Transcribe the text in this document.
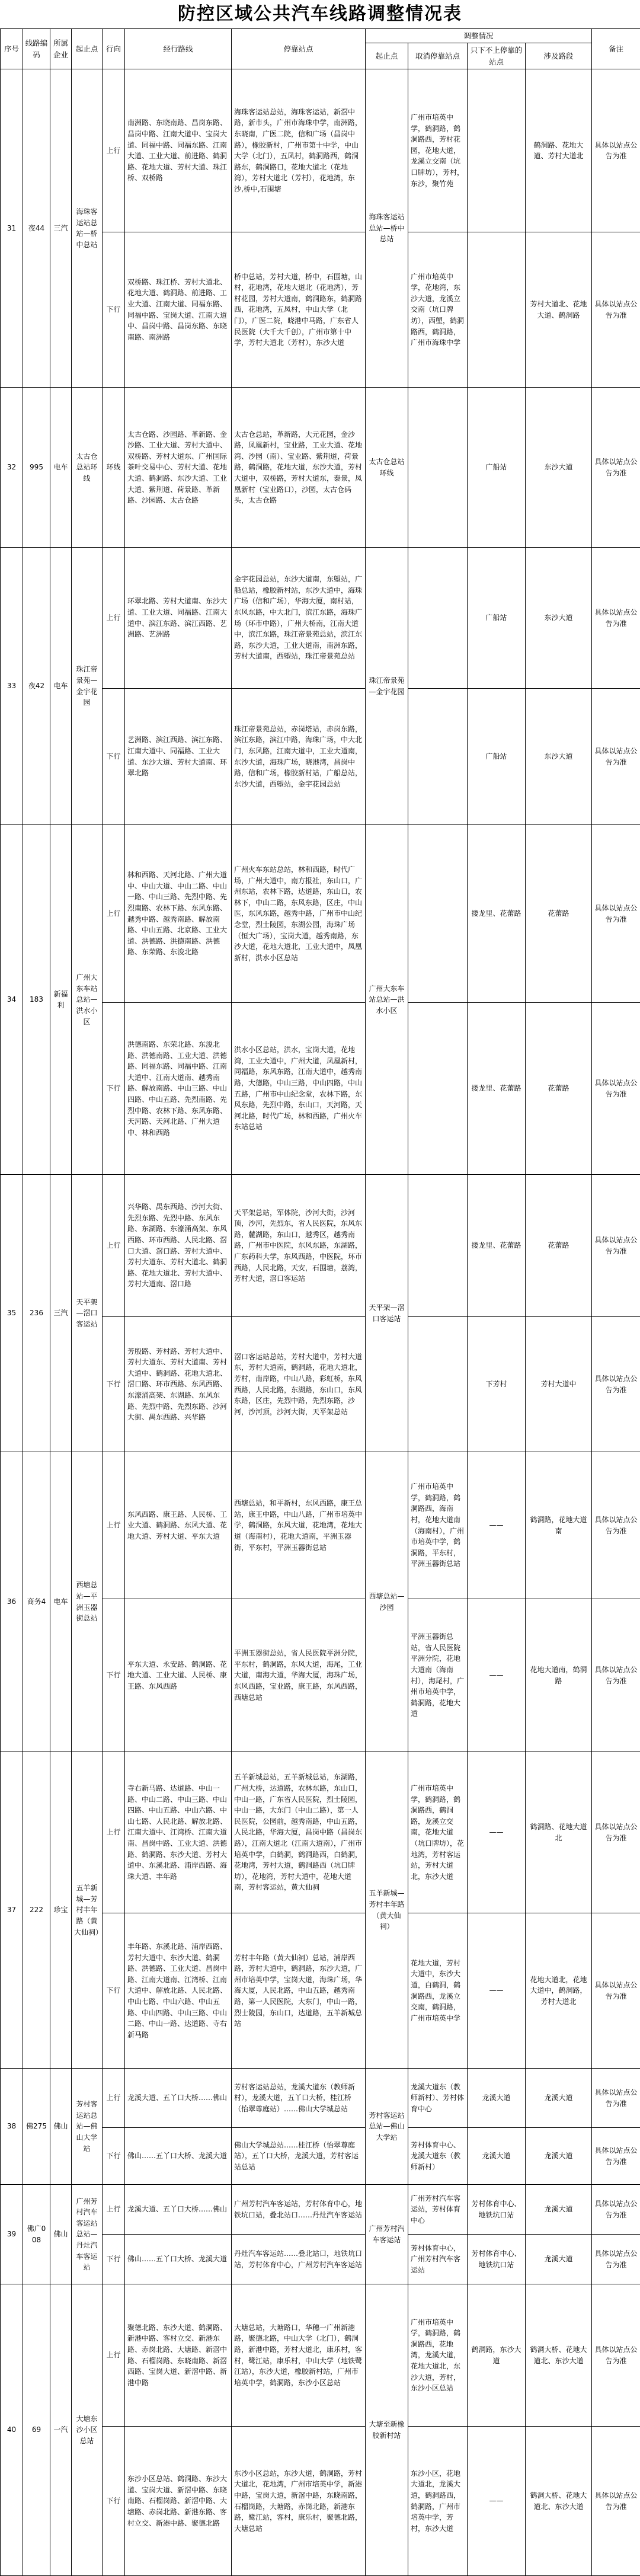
防控区域公共汽车线路调整情况表
序号	线路编码	所属企业	起止点	行向	经行路线	停靠站点	调整情况				备注
							起止点	取消停靠站点	只下不上停靠的站点	涉及路段	
31	夜44	三汽	海珠客运站总站—桥中总站	上行	南洲路、东晓南路、昌岗东路、昌岗中路、江南大道中、宝岗大道、同福中路、同福东路、江南大道、工业大道、前进路、鹤洞路、花地大道、芳村大道、珠江桥、双桥路	海珠客运站总站，海珠客运站，新滘中路，新市头，广州市海珠中学，南洲路，东晓南，广医二院，信和广场（昌岗中路），橡胶新村，广州市第十中学，中山大学（北门），五凤村，鹤洞路西，鹤洞路东，鹤洞路口，花地大道北（花地湾），芳村大道北（芳村），花地湾，东沙,桥中,石围塘	海珠客运站总站—桥中总站	广州市培英中学，鹤洞路，鹤洞路西，芳村花园，花地大道，龙溪立交南（坑口牌坊），芳村，东沙，聚竹苑		鹤洞路、花地大道、芳村大道北	具体以站点公告为准
				下行	双桥路、珠江桥、芳村大道北、花地大道、鹤洞路、前进路、工业大道、江南大道、同福东路、同福中路、宝岗大道、江南大道中、昌岗中路、昌岗东路、东晓南路、南洲路	桥中总站，芳村大道，桥中，石围塘，山村，花地湾，花地大道北（花地湾），芳村花园，芳村大道南，鹤洞路东，鹤洞路西，花地湾，五凤村，中山大学（北门），广医二院，晓港中马路，广东省人民医院（大千大千创），广州市第十中学，芳村大道北（芳村），东沙大道		广州市培英中学，花地湾，东沙大道，龙溪立交南（坑口牌坊），西塱，鹤洞路西，鹤洞路，广州市海珠中学		芳村大道北、花地大道、鹤洞路	具体以站点公告为准
32	995	电车	太古仓总站环线	环线	太古仓路、沙园路、革新路、金沙路、工业大道、芳村大道中、双桥路、芳村大道东、广州国际茶叶交易中心、芳村大道、花地大道、鹤洞路、东沙大道、工业大道、紫荆道、荷景路、革新路、沙园路、太古仓路	太古仓总站，革新路，大元花园，金沙路，凤凰新村，宝业路，工业大道、花地湾、沙园（南）、宝业路、紫荆道，荷景路，鹤洞路，花地大道，东沙大道，芳村大道中，双桥路，芳村大道东，泰景，凤凰新村（宝业路口），沙园，太古仓码头，太古仓路	太古仓总站环线		广船站	东沙大道	具体以站点公告为准
33	夜42	电车	珠江帝景苑—金宇花园	上行	环翠北路、芳村大道南、东沙大道、工业大道、同福路、江南大道中、滨江东路、滨江西路、艺洲路、艺洲路	金宇花园总站，东沙大道南，东塱站，广船总站，橡胶新村站，东沙大道中，海珠广场（信和广场），华海大厦，南村站，东风东路，中大北门，滨江东路，海珠广场（环市中路），广州大桥南，江南大道中，滨江东路，珠江帝景苑总站，滨江东路，东沙大道，工业大道南，南洲东路，芳村大道南，西塱站，珠江帝景苑总站	珠江帝景苑—金宇花园		广船站	东沙大道	具体以站点公告为准
				下行	艺洲路、滨江西路、滨江东路、江南大道中、同福路、工业大道、东沙大道、芳村大道南、环翠北路	珠江帝景苑总站，赤岗塔站，赤岗东路，滨江东路，滨江中路，海珠广场，中大北门，东风路，江南大道中，工业大道南，东沙大道，海珠广场，晓港湾，昌岗中路，信和广场，橡胶新村站，广船总站，东沙大道，西塱站，金宇花园总站			广船站	东沙大道	具体以站点公告为准
34	183	新福利	广州大东车站总站—洪水小区	上行	林和西路、天河北路、广州大道中、中山大道、中山二路、中山一路、中山三路、先烈中路、先烈南路、农林下路、东风东路、越秀中路、越秀南路、解放南路、中山五路、北京路、工业大道、洪德路、洪德南路、洪德路、东荣路、东浚北路	广州火车东站总站，林和西路，时代广场，广州大道中，南方报社，东山口，广州东站，农林下路，达道路，东山口，农林下，中山二路，东风东路，区庄，中山医，东风东路，越秀中路，广州市中山纪念堂，烈士陵园，东湖公园，海珠广场（恒大广场），宝岗大道，越秀南路，东沙大道，花地大道北，工业大道中，凤凰新村，洪水小区总站	广州大东车站总站—洪水小区		搂龙里、花蕾路	花蕾路	具体以站点公告为准
				下行	洪德南路、东荣北路、东浚北路、洪德南路、工业大道、洪德路、同福东路、同福中路、江南大道中、江南大道南、越秀南路、解放南路、中山三路、中山四路、中山五路、先烈南路、先烈中路、农林下路、东风东路、天河路、天河北路、广州大道中、林和西路	洪水小区总站，洪水，宝岗大道，花地湾，工业大道中，广州大道，凤凰新村，同福路，东风东路，江南大道中，越秀南路，大德路，中山三路，中山四路，中山五路，广州市中山纪念堂，农林下路，东风东路，先烈中路，东山口，天河路，天河北路，时代广场，林和西路，广州火车东站总站			搂龙里、花蕾路	花蕾路	具体以站点公告为准
35	236	三汽	天平架—滘口客运站	上行	兴华路、禺东西路、沙河大街、先烈东路、先烈中路、东风东路、东湖路、东濠涌高架、东风西路、环市西路、人民北路、滘口大道、滘口路、芳村大道中、芳村大道东、芳村大道北、鹤洞路、花地大道北、芳村大道中、芳村大道南、滘口路	天平架总站，军体院，沙河大街，沙河顶，沙河，先烈东，省人民医院，东风东路，麓湖路，东山口，越秀区，越秀南路，广州市中医院，东风东路，东湖路，广东药科大学，东风西路，中医院，环市西路，人民北路，天安，石围塘，荔湾，芳村大道，滘口客运站	天平架—滘口客运站		搂龙里、花蕾路	花蕾路	具体以站点公告为准
				下行	芳殷路、芳村路、芳村大道中、芳村大道东、芳村大道南、芳村大道中、鹤洞路、花地大道北、滘口路、环市西路、东风西路、东濠涌高架、东湖路、东风东路、先烈中路、先烈东路、沙河大街、禺东西路、兴华路	滘口客运站总站，芳村大道中，芳村大道东，芳村大道南，鹤洞路，花地大道北，芳村，南岸路，中山八路，彩虹桥，东风西路，人民北路，东湖路，东山口，东风东路，区庄，先烈中路，先烈东路，沙河，沙河顶，沙河大街，天平架总站			下芳村	芳村大道中	具体以站点公告为准
36	商务4	电车	西塘总站—平洲玉器街总站	上行	东风西路、康王路、人民桥、工业大道、鹤洞路、东风大道、花地大道、芳村大道、平东大道	西塘总站，和平新村，东风西路，康王总站，康王中路，中山八路，广州市培英中学，鹤洞路，东风大道，花地湾，花地大道（海南村），花地大道南，平洲玉器街，平东村，平洲玉器街总站	西塘总站—沙园	广州市培英中学，鹤洞路，鹤洞路西，海南村，花地大道南（海南村），广州市培英中学，鹤洞路，平东村，平洲玉器街总站	——	鹤洞路，花地大道南	具体以站点公告为准
				下行	平东大道、永安路、鹤洞路、花地大道、工业大道、人民桥、康王路、东风西路	平洲玉器街总站，省人民医院平洲分院，平东村，鹤洞路，东风大道，海尾，工业大道，南海大道，华海大厦，海珠广场，东风西路，宝业路，康王路，东风西路，西塘总站		平洲玉器街总站，省人民医院平洲分院，花地大道南（海南村），海尾村，广州市培英中学，鹤洞路，花地大道	——	花地大道南，鹤洞路	具体以站点公告为准
37	222	珍宝	五羊新城—芳村丰年路（黄大仙祠）	上行	寺右新马路、达道路、中山一路、中山二路、中山三路、中山四路、中山五路、中山六路、中山七路、人民北路、解放北路、江南大道中、江湾桥、江南大道南、昌岗中路、工业大道、洪德路、鹤洞路、东沙大道、芳村大道中、东溪北路、浦岸西路、海珠大道、丰年路	五羊新城总站，五羊新城总站，东湖路，广州大桥，达道路，农林东路，东山口，中山一路，广东省人民医院，烈士陵园，中山一路，大东门（中山二路），第一人民医院，公园前，越秀南路，中山五路，人民北路，华海大厦，昌岗中路（昌岗东路），江南大道北（江南大道南），广州市培英中学，白鹤洞，鹤洞路西，白鹤洞，花地湾，芳村大道，鹤洞路西（坑口牌坊），花地湾，芳村大道中，花地大道南，芳村客运站，黄大仙祠	五羊新城—芳村丰年路（黄大仙祠）	广州市培英中学，鹤洞路，鹤洞路西，鹤洞路，龙溪立交南，花地大道（坑口牌坊），花地湾，芳村客运站，芳村大道北，东沙大道	——	鹤洞路、花地大道北	具体以站点公告为准
				下行	丰年路、东溪北路、浦岸西路、芳村大道中、东沙大道、鹤洞路、洪德路、工业大道、昌岗中路、江南大道南、江湾桥、江南大道中、解放北路、人民北路、中山七路、中山六路、中山五路、中山四路、中山三路、中山二路、中山一路、达道路、寺右新马路	芳村丰年路（黄大仙祠）总站，浦岸西路，芳村大道中，鹤洞路，东沙大道，广州市培英中学，宝岗大道，海珠广场，华海大厦，人民北路，中山五路，越秀南路，第一人民医院，大东门，中山一路，烈士陵园，东山口，达道路，五羊新城总站		花地大道，芳村大道中，东沙大道，白鹤洞，鹤洞路西，龙溪立交南，鹤洞路，广州市培英中学	——	花地大道北，花地大道中，鹤洞路，芳村大道北	具体以站点公告为准
38	佛275	佛山	芳村客运站总站—佛山大学站	上行	龙溪大道、五丫口大桥……佛山	芳村客运站总站，龙溪大道东（教师新村），龙溪大道，五丫口大桥，桂江桥（怡翠尊庭站）……佛山大学城总站	芳村客运站总站—佛山大学站	龙溪大道东（教师新村）、芳村体育中心	龙溪大道	龙溪大道	具体以站点公告为准
				下行	佛山……五丫口大桥、龙溪大道	佛山大学城总站……桂江桥（怡翠尊庭站），五丫口大桥，龙溪大道，芳村客运站总站		芳村体育中心、龙溪大道东（教师新村）	龙溪大道	龙溪大道	具体以站点公告为准
39	佛广008	佛山	广州芳村汽车客运站总站—丹灶汽车客运站	上行	龙溪大道、五丫口大桥……佛山	广州芳村汽车客运站，芳村体育中心，地铁坑口站，叠北站口……丹灶汽车客运站	广州芳村汽车客运站	广州芳村汽车客运站，芳村体育中心	芳村体育中心、地铁坑口站	龙溪大道	具体以站点公告为准
				下行	佛山……五丫口大桥、龙溪大道	丹灶汽车客运站……叠北站口，地铁坑口站，芳村体育中心，广州芳村汽车客运站		芳村体育中心，广州芳村汽车客运站	芳村体育中心、地铁坑口站	龙溪大道	具体以站点公告为准
40	69	一汽	大塘东沙小区总站	上行	聚德北路、东沙大道、鹤洞路、新港中路、客村立交、新港东路、赤岗北路、大塘路、新滘中路、石榴岗路、东晓南路、新滘西路、宝岗大道、新滘中路、新港中路	大塘总站，大塘路口，华穗一广州新港路，聚德北路，中山大学（北门），鹤洞路，新港中路，芳村大道北，康乐村，客村，鹭江站，康乐村，中山大学（地铁鹭江站），东沙大道，橡胶新村站，广州市培英中学，鹤洞路，东沙小区总站	大塘至新橡胶新村站	广州市培英中学，鹤洞路，鹤洞路西，花地湾，龙溪大道，花地大道北，东沙大道，芳村，东沙小区总站	鹤洞路，东沙大道	鹤洞大桥、花地大道北、东沙大道	具体以站点公告为准
				下行	东沙小区总站、鹤洞路、东沙大道、宝岗大道、新滘中路、东晓南路、石榴岗路、新滘中路、大塘路、赤岗北路、新港东路、客村立交、新港中路、聚德北路	东沙小区总站，东沙大道，鹤洞路，芳村大道北，花地湾，广州市培英中学，新港中路，宝岗大道，新滘中路，东晓南路，石榴岗路，大塘路，赤岗北路，新港东路，鹭江站，客村，康乐村，聚德北路，大塘总站		东沙小区，花地大道北，龙溪大道，鹤洞路西，鹤洞路，广州市培英中学，芳村，东沙大道	——	鹤洞大桥、花地大道北、东沙大道	具体以站点公告为准
